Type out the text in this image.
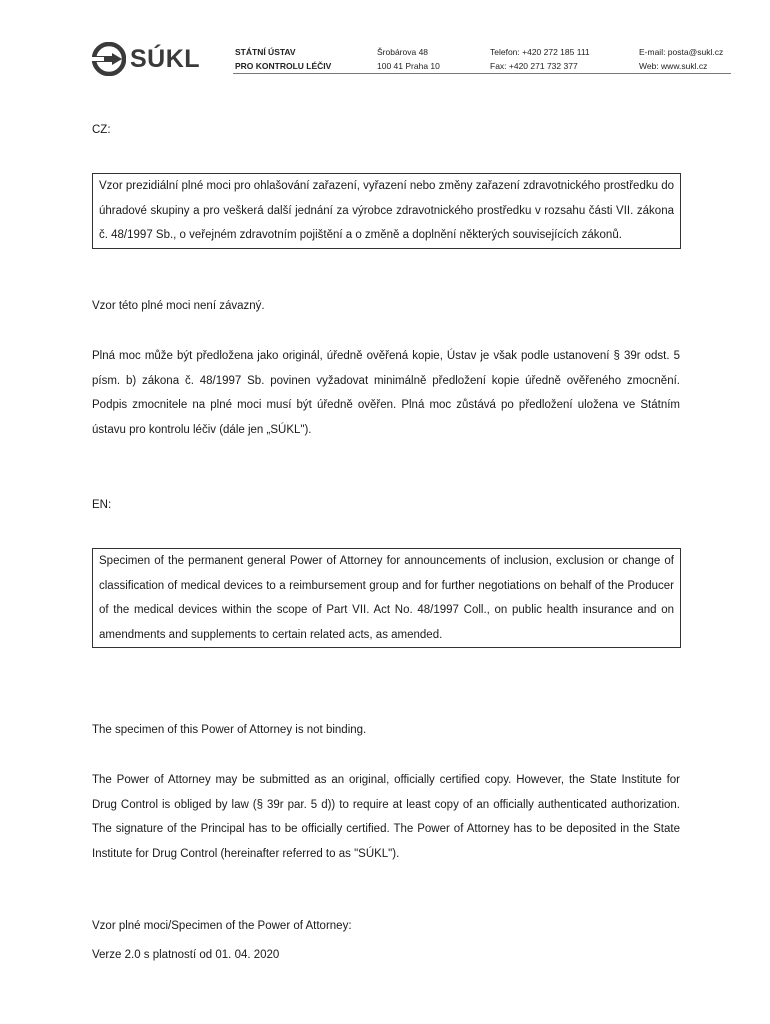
SÚKL	STÁTNÍ ÚSTAV
PRO KONTROLU LÉČIV
Šrobárova 48
100 41 Praha 10
Telefon: +420 272 185 111
Fax: +420 271 732 377
E-mail: posta@sukl.cz
Web: www.sukl.cz
CZ:
Vzor prezidiální plné moci pro ohlašování zařazení, vyřazení nebo změny zařazení zdravotnického prostředku do úhradové skupiny a pro veškerá další jednání za výrobce zdravotnického prostředku v rozsahu části VII. zákona č. 48/1997 Sb., o veřejném zdravotním pojištění a o změně a doplnění některých souvisejících zákonů.
Vzor této plné moci není závazný.
Plná moc může být předložena jako originál, úředně ověřená kopie, Ústav je však podle ustanovení § 39r odst. 5 písm. b) zákona č. 48/1997 Sb. povinen vyžadovat minimálně předložení kopie úředně ověřeného zmocnění. Podpis zmocnitele na plné moci musí být úředně ověřen. Plná moc zůstává po předložení uložena ve Státním ústavu pro kontrolu léčiv (dále jen „SÚKL").
EN:
Specimen of the permanent general Power of Attorney for announcements of inclusion, exclusion or change of classification of medical devices to a reimbursement group and for further negotiations on behalf of the Producer of the medical devices within the scope of Part VII. Act No. 48/1997 Coll., on public health insurance and on amendments and supplements to certain related acts, as amended.
The specimen of this Power of Attorney is not binding.
The Power of Attorney may be submitted as an original, officially certified copy. However, the State Institute for Drug Control is obliged by law (§ 39r par. 5 d)) to require at least copy of an officially authenticated authorization. The signature of the Principal has to be officially certified. The Power of Attorney has to be deposited in the State Institute for Drug Control (hereinafter referred to as "SÚKL").
Vzor plné moci/Specimen of the Power of Attorney:
Verze 2.0 s platností od 01. 04. 2020
